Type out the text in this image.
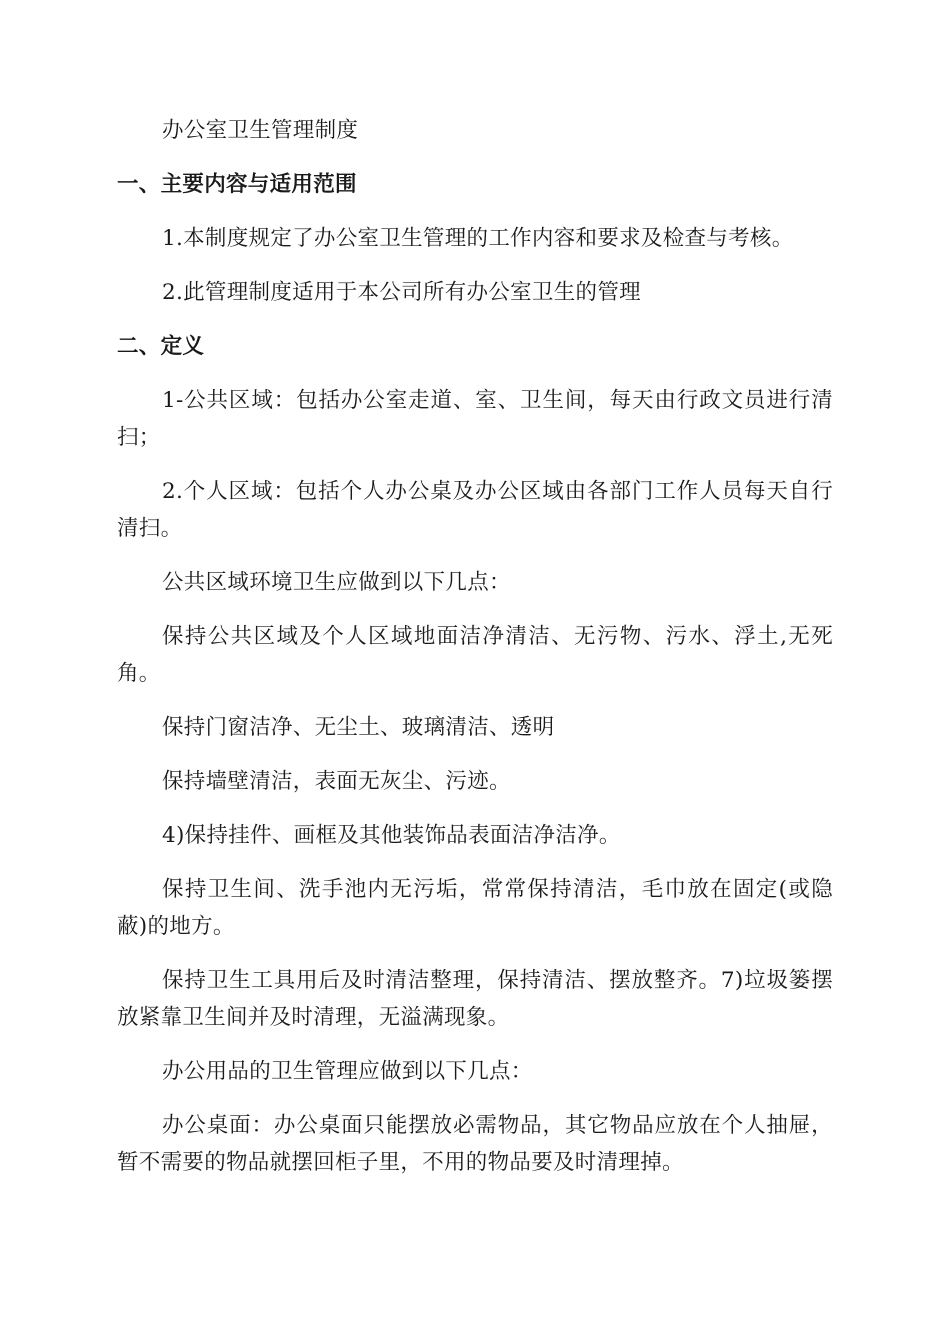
办公室卫生管理制度

一、主要内容与适用范围

1.本制度规定了办公室卫生管理的工作内容和要求及检查与考核。

2.此管理制度适用于本公司所有办公室卫生的管理

二、定义

1-公共区域：包括办公室走道、室、卫生间，每天由行政文员进行清扫；

2.个人区域：包括个人办公桌及办公区域由各部门工作人员每天自行清扫。

公共区域环境卫生应做到以下几点：

保持公共区域及个人区域地面洁净清洁、无污物、污水、浮土,无死角。

保持门窗洁净、无尘土、玻璃清洁、透明

保持墙壁清洁，表面无灰尘、污迹。

4)保持挂件、画框及其他装饰品表面洁净洁净。

保持卫生间、洗手池内无污垢，常常保持清洁，毛巾放在固定(或隐蔽)的地方。

保持卫生工具用后及时清洁整理，保持清洁、摆放整齐。7)垃圾篓摆放紧靠卫生间并及时清理，无溢满现象。

办公用品的卫生管理应做到以下几点：

办公桌面：办公桌面只能摆放必需物品，其它物品应放在个人抽屉，暂不需要的物品就摆回柜子里，不用的物品要及时清理掉。
